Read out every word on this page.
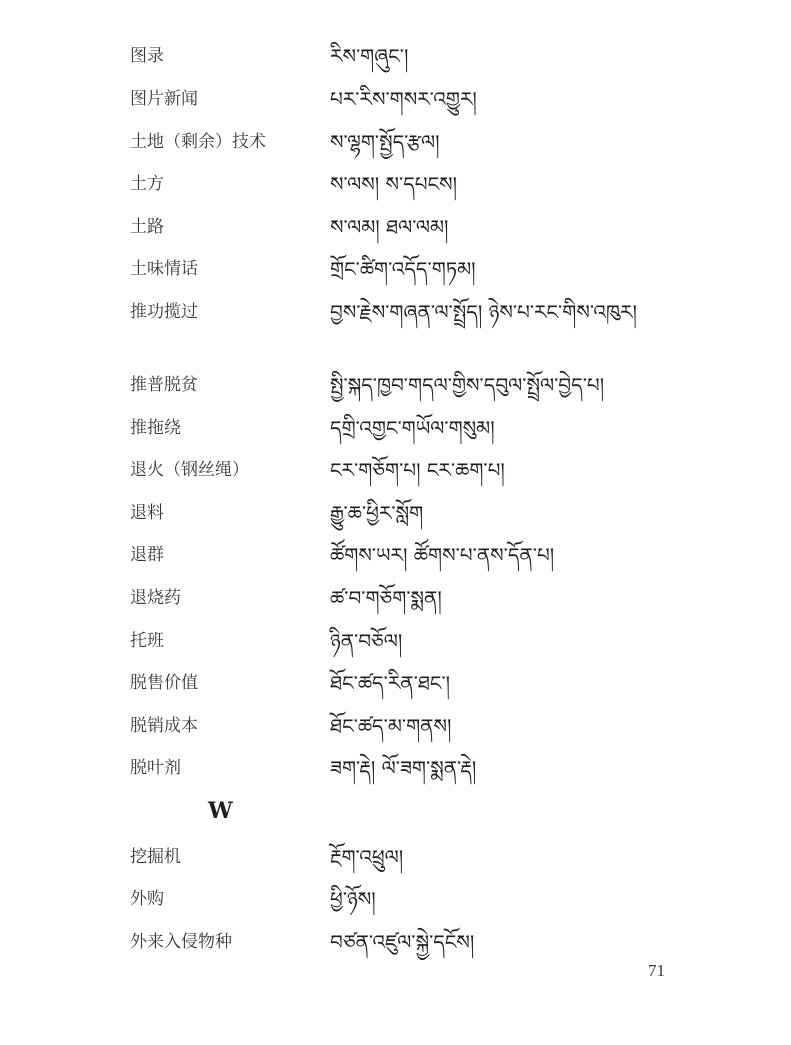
图录	རིས་གཞུང་།
图片新闻	པར་རིས་གསར་འགྱུར།
土地（剩余）技术	ས་ལྷག་སྤྱོད་རྩལ།
土方	ས་ལས། ས་དཔངས།
土路	ས་ལམ། ཐལ་ལམ།
土味情话	གྲོང་ཚིག་འདོད་གཏམ།
推功揽过	བྱས་རྗེས་གཞན་ལ་སྤྲོད། ཉེས་པ་རང་གིས་འཁུར།
推普脱贫	སྤྱི་སྐད་ཁྱབ་གདལ་གྱིས་དབུལ་སྤྲོལ་བྱེད་པ།
推拖绕	དགྲི་འགྱང་གཡོལ་གསུམ།
退火（钢丝绳）	ངར་གཅོག་པ། ངར་ཆག་པ།
退料	རྒྱུ་ཆ་ཕྱིར་སློག
退群	ཚོགས་ཡར། ཚོགས་པ་ནས་དོན་པ།
退烧药	ཚ་བ་གཅོག་སྨན།
托班	ཉིན་བཅོལ།
脱售价值	ཐོང་ཚད་རིན་ཐང་།
脱销成本	ཐོང་ཚད་མ་གནས།
脱叶剂	ཟག་རྡེ། ལོ་ཟག་སྨན་རྡེ།
挖掘机	རྔོག་འཕྲུལ།
外购	ཕྱི་ཉོས།
外来入侵物种	བཙན་འཛུལ་སྐྱེ་དངོས།
W
71
